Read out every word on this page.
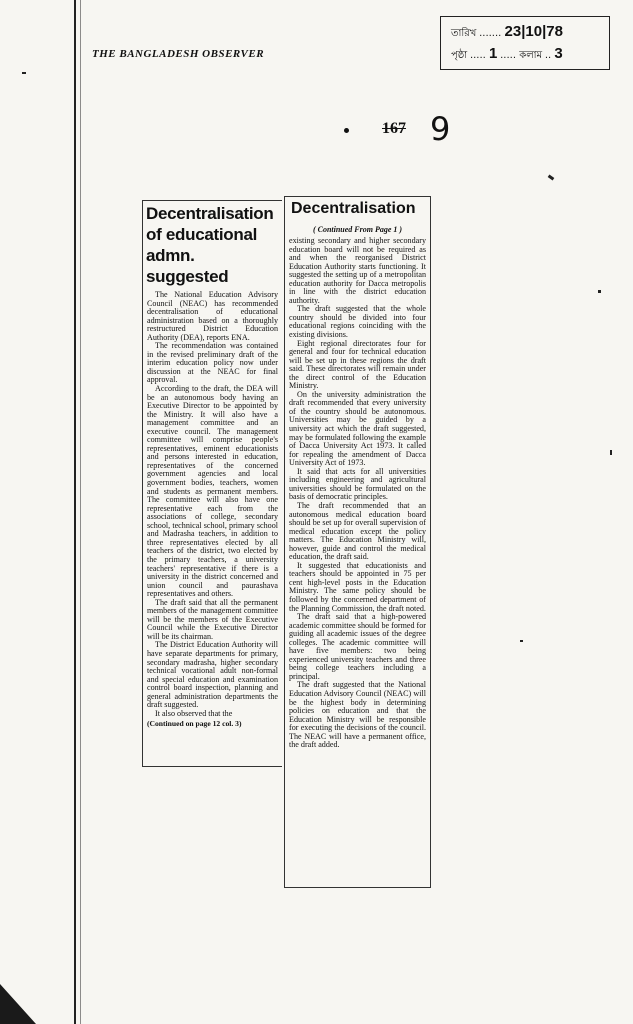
THE BANGLADESH OBSERVER
তারিখ ....... 23|10|78
পৃষ্ঠা ..... 1 ..... কলাম .. 3
167 9
Decentralisation of educational admn. suggested

The National Education Advisory Council (NEAC) has recommended decentralisation of educational administration based on a thoroughly restructured District Education Authority (DEA), reports ENA.

The recommendation was contained in the revised preliminary draft of the interim education policy now under discussion at the NEAC for final approval.

According to the draft, the DEA will be an autonomous body having an Executive Director to be appointed by the Ministry. It will also have a management committee and an executive council. The management committee will comprise people's representatives, eminent educationists and persons interested in education, representatives of the concerned government agencies and local government bodies, teachers, women and students as permanent members. The committee will also have one representative each from the associations of college, secondary school, technical school, primary school and Madrasha teachers, in addition to three representatives elected by all teachers of the district, two elected by the primary teachers, a university teachers' representative if there is a university in the district concerned and union council and paurashava representatives and others.

The draft said that all the permanent members of the management committee will be the members of the Executive Council while the Executive Director will be its chairman.

The District Education Authority will have separate departments for primary, secondary madrasha, higher secondary technical vocational adult non-formal and special education and examination control board inspection, planning and general administration departments the draft suggested.

It also observed that the

(Continued on page 12 col. 3)
Decentralisation
( Continued From Page 1 )

existing secondary and higher secondary education board will not be required as and when the reorganised District Education Authority starts functioning. It suggested the setting up of a metropolitan education authority for Dacca metropolis in line with the district education authority.

The draft suggested that the whole country should be divided into four educational regions coinciding with the existing divisions.

Eight regional directorates four for general and four for technical education will be set up in these regions the draft said. These directorates will remain under the direct control of the Education Ministry.

On the university administration the draft recommended that every university of the country should be autonomous. Universities may be guided by a university act which the draft suggested, may be formulated following the example of Dacca University Act 1973. It called for repealing the amendment of Dacca University Act of 1973.

It said that acts for all universities including engineering and agricultural universities should be formulated on the basis of democratic principles.

The draft recommended that an autonomous medical education board should be set up for overall supervision of medical education except the policy matters. The Education Ministry will, however, guide and control the medical education, the draft said.

It suggested that educationists and teachers should be appointed in 75 per cent high-level posts in the Education Ministry. The same policy should be followed by the concerned department of the Planning Commission, the draft noted.

The draft said that a high-powered academic committee should be formed for guiding all academic issues of the degree colleges. The academic committee will have five members: two being experienced university teachers and three being college teachers including a principal.

The draft suggested that the National Education Advisory Council (NEAC) will be the highest body in determining policies on education and that the Education Ministry will be responsible for executing the decisions of the council. The NEAC will have a permanent office, the draft added.
